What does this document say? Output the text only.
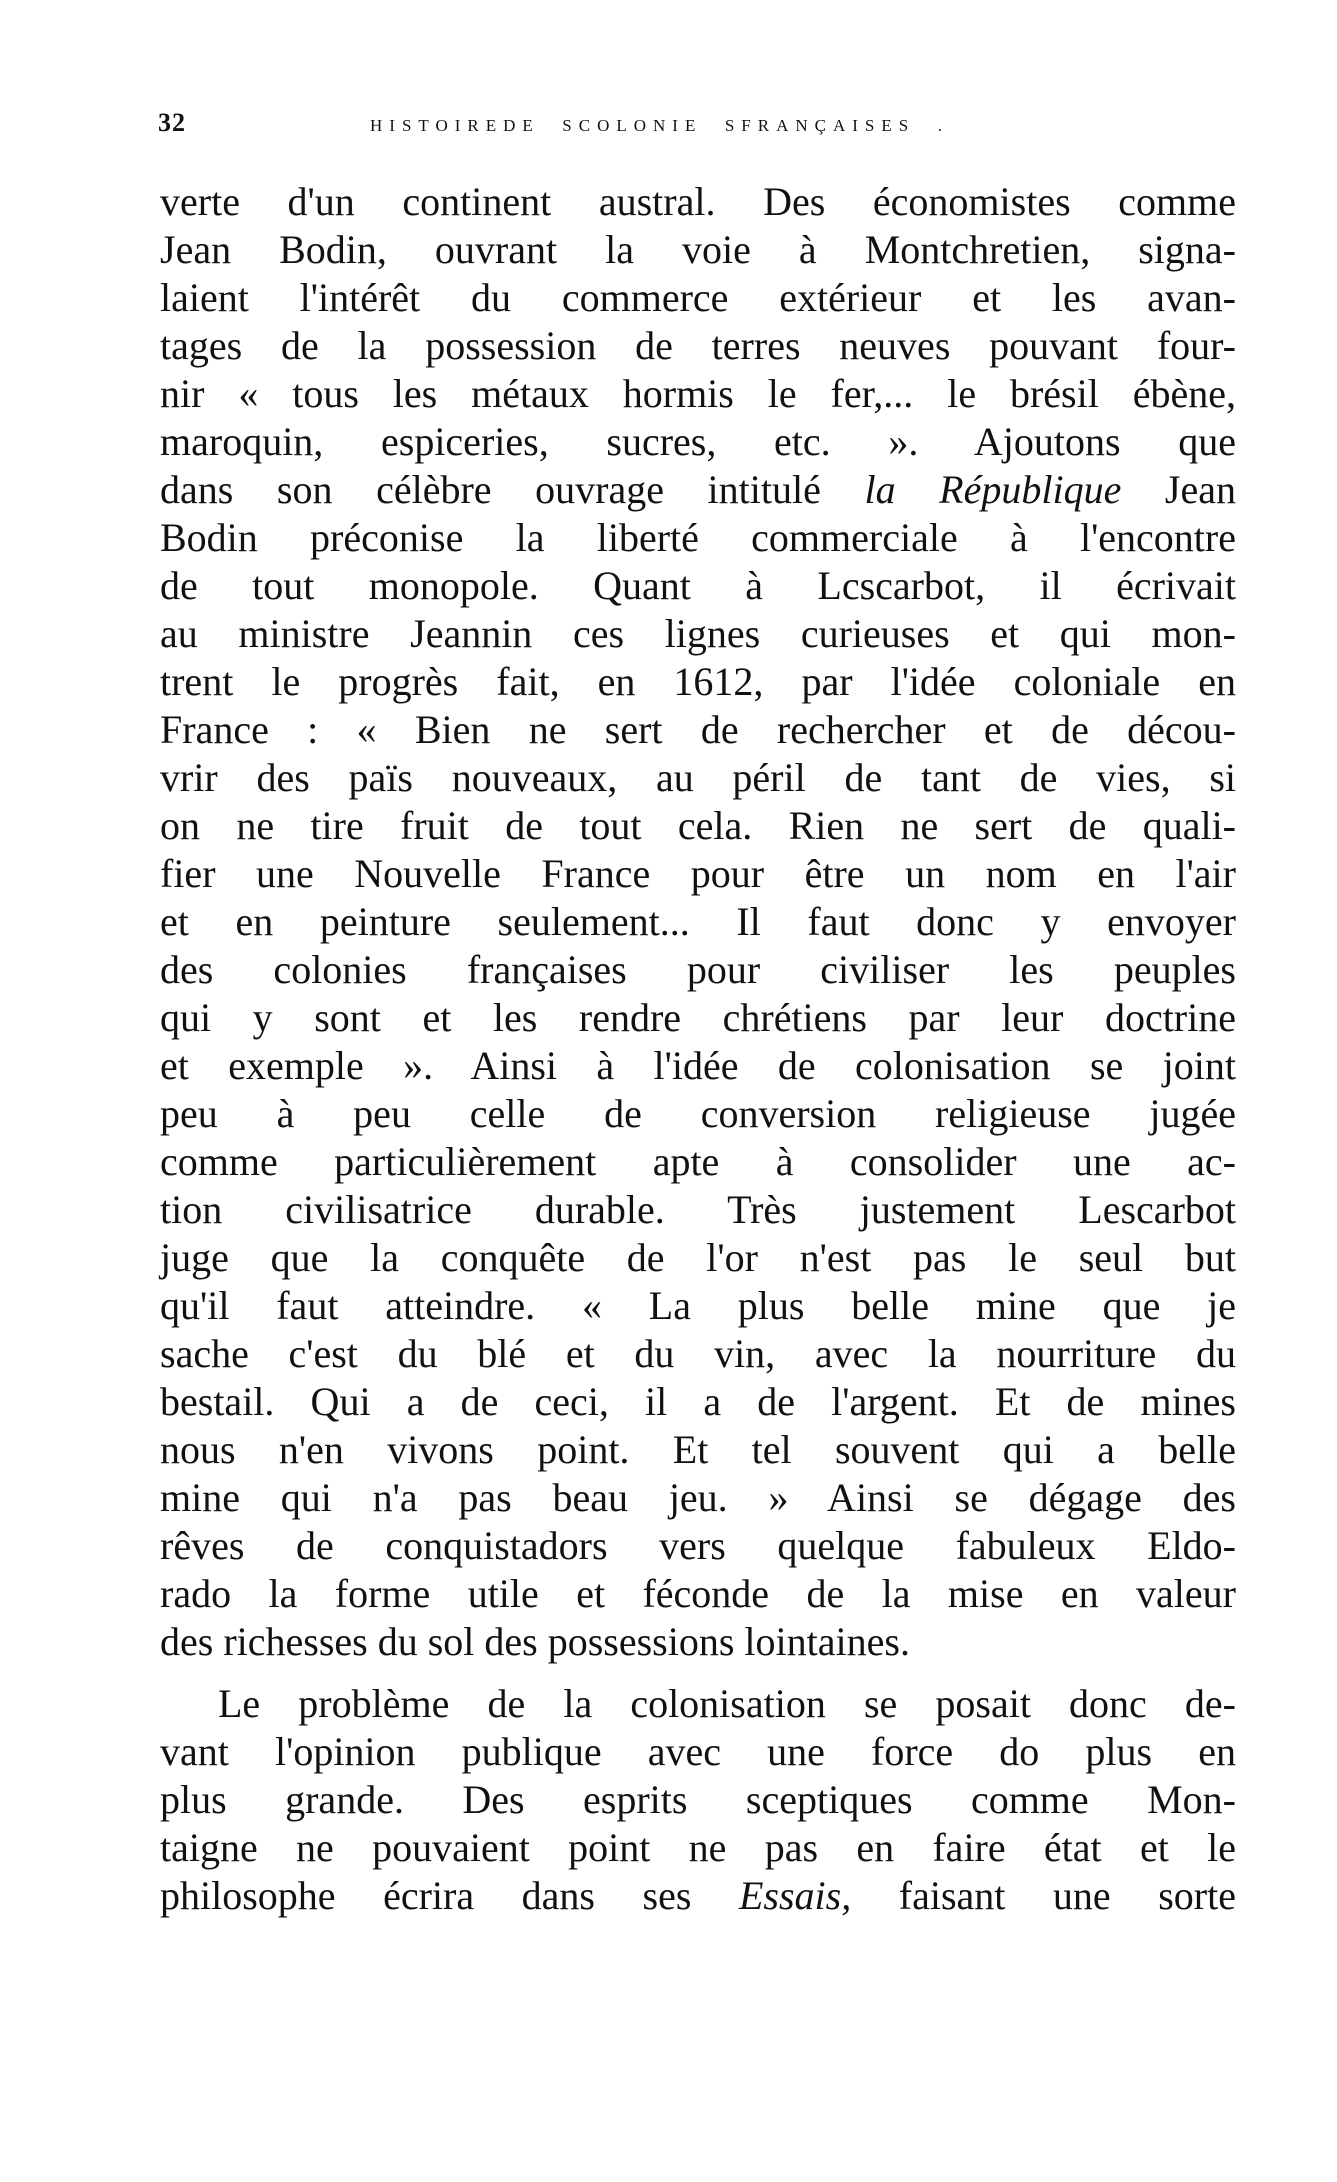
32	HISTOIREDE  SCOLONIE  SFRANÇAISES  .
verte d'un continent austral. Des économistes comme
Jean Bodin, ouvrant la voie à Montchretien, signa-
laient l'intérêt du commerce extérieur et les avan-
tages de la possession de terres neuves pouvant four-
nir « tous les métaux hormis le fer,... le brésil ébène,
maroquin, espiceries, sucres, etc. ». Ajoutons que
dans son célèbre ouvrage intitulé la République Jean
Bodin préconise la liberté commerciale à l'encontre
de tout monopole. Quant à Lcscarbot, il écrivait
au ministre Jeannin ces lignes curieuses et qui mon-
trent le progrès fait, en 1612, par l'idée coloniale en
France : « Bien ne sert de rechercher et de décou-
vrir des païs nouveaux, au péril de tant de vies, si
on ne tire fruit de tout cela. Rien ne sert de quali-
fier une Nouvelle France pour être un nom en l'air
et en peinture seulement... Il faut donc y envoyer
des colonies françaises pour civiliser les peuples
qui y sont et les rendre chrétiens par leur doctrine
et exemple ». Ainsi à l'idée de colonisation se joint
peu à peu celle de conversion religieuse jugée
comme particulièrement apte à consolider une ac-
tion civilisatrice durable. Très justement Lescarbot
juge que la conquête de l'or n'est pas le seul but
qu'il faut atteindre. « La plus belle mine que je
sache c'est du blé et du vin, avec la nourriture du
bestail. Qui a de ceci, il a de l'argent. Et de mines
nous n'en vivons point. Et tel souvent qui a belle
mine qui n'a pas beau jeu. » Ainsi se dégage des
rêves de conquistadors vers quelque fabuleux Eldo-
rado la forme utile et féconde de la mise en valeur
des richesses du sol des possessions lointaines.
Le problème de la colonisation se posait donc de-
vant l'opinion publique avec une force do plus en
plus grande. Des esprits sceptiques comme Mon-
taigne ne pouvaient point ne pas en faire état et le
philosophe écrira dans ses Essais, faisant une sorte
